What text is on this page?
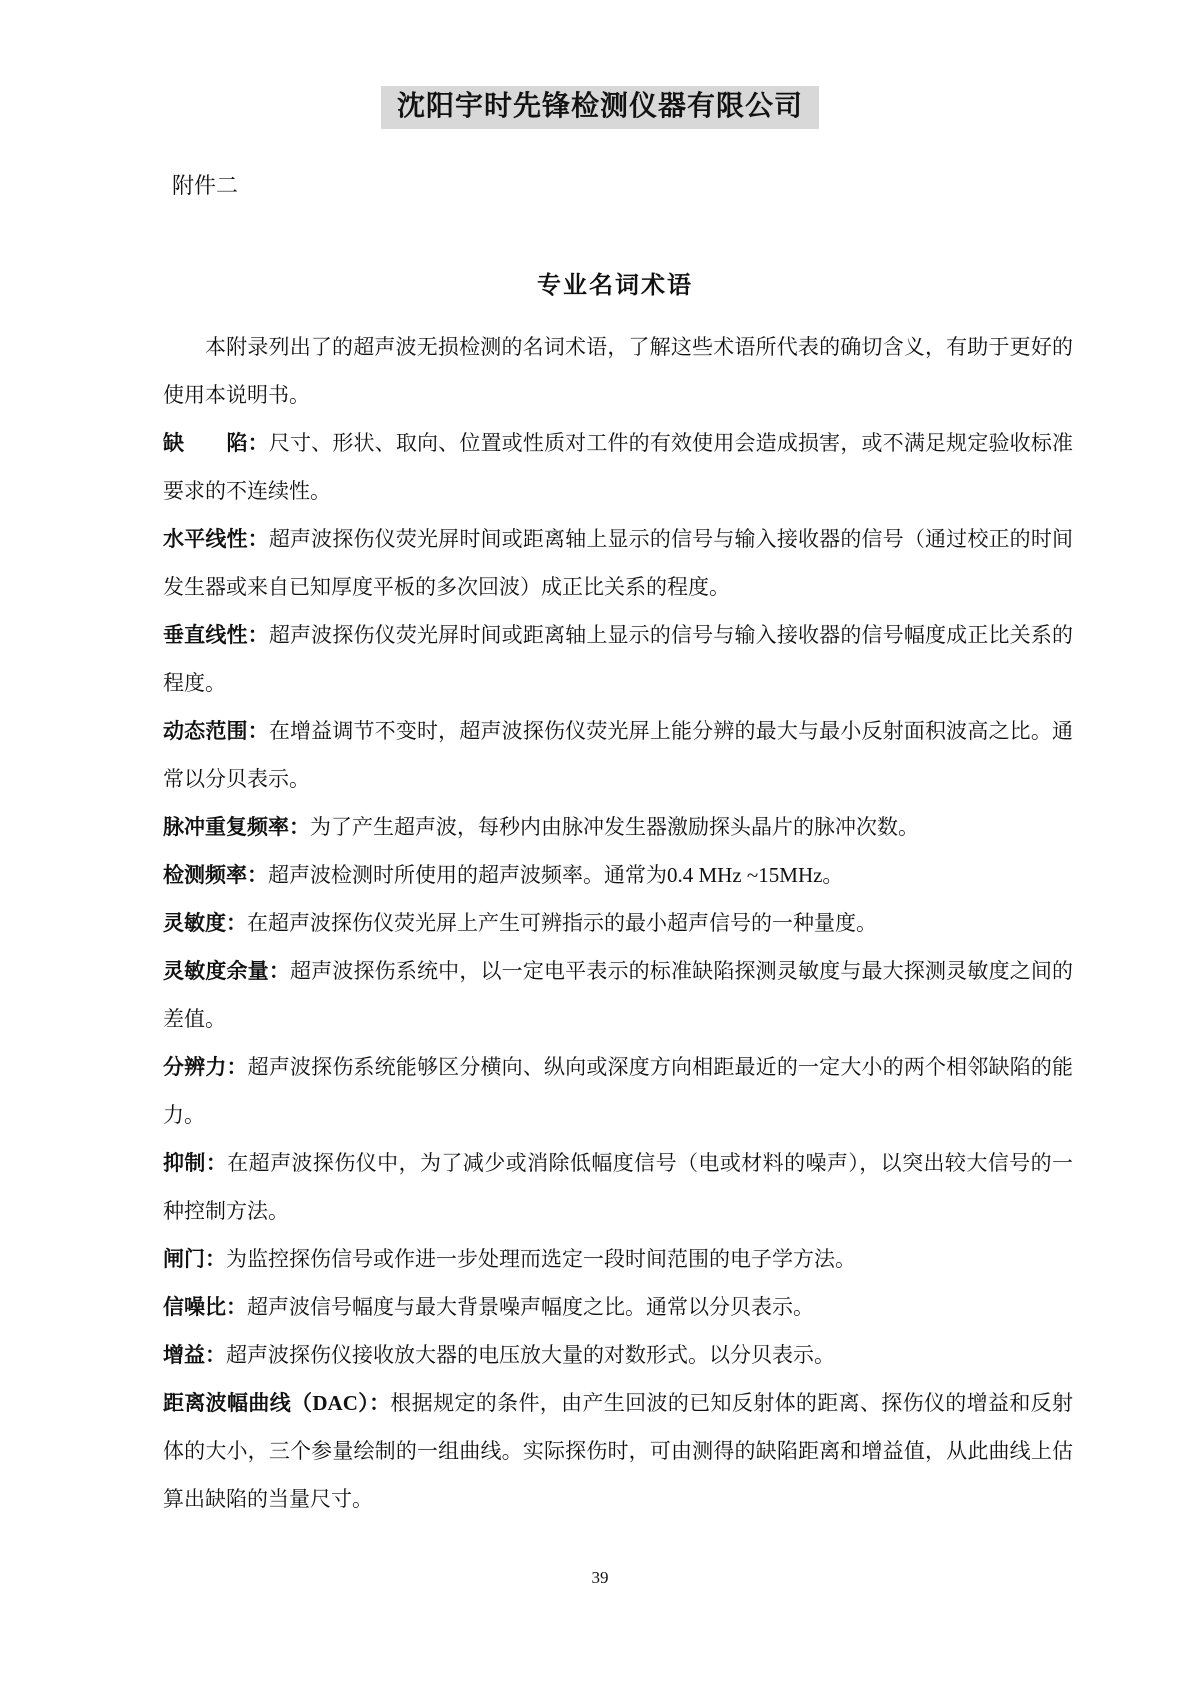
沈阳宇时先锋检测仪器有限公司
附件二
专业名词术语

本附录列出了的超声波无损检测的名词术语，了解这些术语所代表的确切含义，有助于更好的使用本说明书。

缺　　陷：尺寸、形状、取向、位置或性质对工件的有效使用会造成损害，或不满足规定验收标准要求的不连续性。

水平线性：超声波探伤仪荧光屏时间或距离轴上显示的信号与输入接收器的信号（通过校正的时间发生器或来自已知厚度平板的多次回波）成正比关系的程度。

垂直线性：超声波探伤仪荧光屏时间或距离轴上显示的信号与输入接收器的信号幅度成正比关系的程度。

动态范围：在增益调节不变时，超声波探伤仪荧光屏上能分辨的最大与最小反射面积波高之比。通常以分贝表示。

脉冲重复频率：为了产生超声波，每秒内由脉冲发生器激励探头晶片的脉冲次数。

检测频率：超声波检测时所使用的超声波频率。通常为0.4 MHz ~15MHz。

灵敏度：在超声波探伤仪荧光屏上产生可辨指示的最小超声信号的一种量度。

灵敏度余量：超声波探伤系统中，以一定电平表示的标准缺陷探测灵敏度与最大探测灵敏度之间的差值。

分辨力：超声波探伤系统能够区分横向、纵向或深度方向相距最近的一定大小的两个相邻缺陷的能力。

抑制：在超声波探伤仪中，为了减少或消除低幅度信号（电或材料的噪声），以突出较大信号的一种控制方法。

闸门：为监控探伤信号或作进一步处理而选定一段时间范围的电子学方法。

信噪比：超声波信号幅度与最大背景噪声幅度之比。通常以分贝表示。

增益：超声波探伤仪接收放大器的电压放大量的对数形式。以分贝表示。

距离波幅曲线（DAC）：根据规定的条件，由产生回波的已知反射体的距离、探伤仪的增益和反射体的大小，三个参量绘制的一组曲线。实际探伤时，可由测得的缺陷距离和增益值，从此曲线上估算出缺陷的当量尺寸。

39
